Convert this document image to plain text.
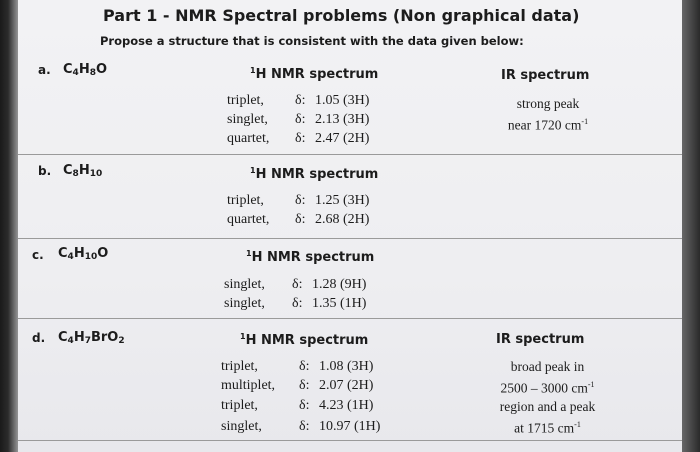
Part 1 - NMR Spectral problems (Non graphical data)
Propose a structure that is consistent with the data given below:
a. $C_4H_8O$	$^1$H NMR spectrum	IR spectrum
triplet, δ: 1.05 (3H)
singlet, δ: 2.13 (3H)
quartet, δ: 2.47 (2H)
strong peak
near 1720 $cm^{-1}$
b. $C_8H_{10}$	$^1$H NMR spectrum
triplet, δ: 1.25 (3H)
quartet, δ: 2.68 (2H)
c. $C_4H_{10}O$	$^1$H NMR spectrum
singlet, δ: 1.28 (9H)
singlet, δ: 1.35 (1H)
d. $C_4H_7BrO_2$	$^1$H NMR spectrum	IR spectrum
triplet,	δ: 1.08 (3H)
multiplet, δ: 2.07 (2H)
triplet,	δ: 4.23 (1H)
singlet,	δ: 10.97 (1H)
broad peak in
2500 – 3000 $cm^{-1}$
region and a peak
at 1715 $cm^{-1}$
